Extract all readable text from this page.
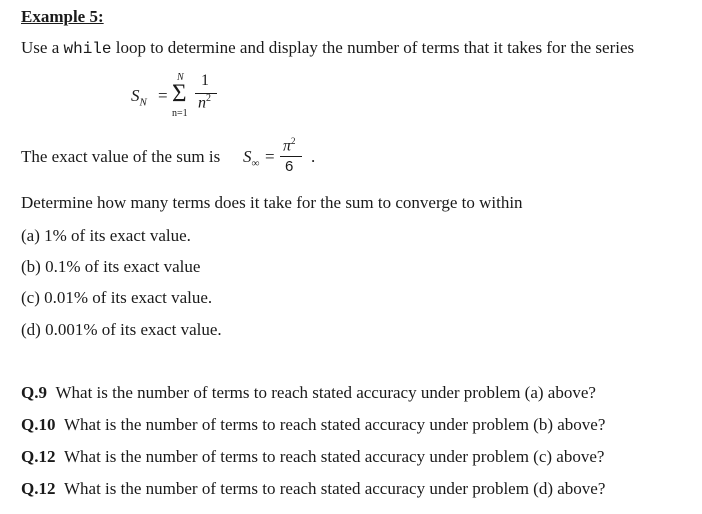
Example 5:
Use a while loop to determine and display the number of terms that it takes for the series
$S_N$ =
N
Σ
n=1
1
$n^2$
The exact value of the sum is $S_\infty$ =
$\pi^2$
6
.
Determine how many terms does it take for the sum to converge to within
(a) 1% of its exact value.
(b) 0.1% of its exact value
(c) 0.01% of its exact value.
(d) 0.001% of its exact value.
Q.9 What is the number of terms to reach stated accuracy under problem (a) above?
Q.10 What is the number of terms to reach stated accuracy under problem (b) above?
Q.12 What is the number of terms to reach stated accuracy under problem (c) above?
Q.12 What is the number of terms to reach stated accuracy under problem (d) above?
